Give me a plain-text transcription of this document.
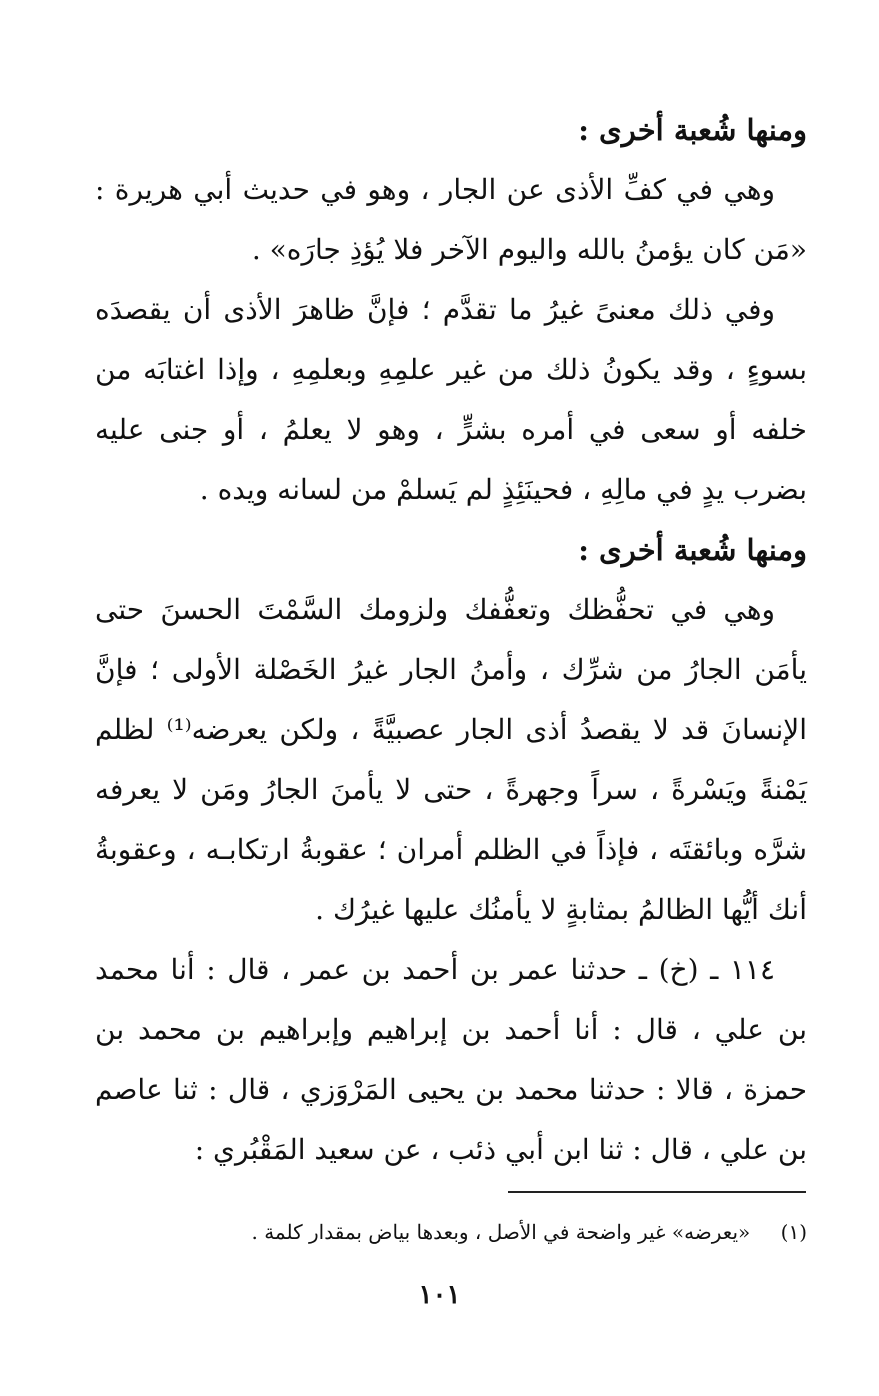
ومنها شُعبة أخرى :

وهي في كفِّ الأذى عن الجار ، وهو في حديث أبي هريرة : «مَن كان يؤمنُ بالله واليوم الآخر فلا يُؤذِ جارَه» .

وفي ذلك معنىً غيرُ ما تقدَّم ؛ فإنَّ ظاهرَ الأذى أن يقصدَه بسوءٍ ، وقد يكونُ ذلك من غير علمِهِ وبعلمِهِ ، وإذا اغتابَه من خلفه أو سعى في أمره بشرٍّ ، وهو لا يعلمُ ، أو جنى عليه بضرب يدٍ في مالِهِ ، فحينَئِذٍ لم يَسلمْ من لسانه ويده .

ومنها شُعبة أخرى :

وهي في تحفُّظك وتعفُّفك ولزومك السَّمْتَ الحسنَ حتى يأمَن الجارُ من شرِّك ، وأمنُ الجار غيرُ الخَصْلة الأولى ؛ فإنَّ الإنسانَ قد لا يقصدُ أذى الجار عصبيَّةً ، ولكن يعرضه⁽¹⁾ لظلم يَمْنةً ويَسْرةً ، سراً وجهرةً ، حتى لا يأمنَ الجارُ ومَن لا يعرفه شرَّه وبائقتَه ، فإذاً في الظلم أمران ؛ عقوبةُ ارتكابـه ، وعقوبةُ أنك أيُّها الظالمُ بمثابةٍ لا يأمنُك عليها غيرُك .

١١٤ ـ (خ) ـ حدثنا عمر بن أحمد بن عمر ، قال : أنا محمد بن علي ، قال : أنا أحمد بن إبراهيم وإبراهيم بن محمد بن حمزة ، قالا : حدثنا محمد بن يحيى المَرْوَزي ، قال : ثنا عاصم بن علي ، قال : ثنا ابن أبي ذئب ، عن سعيد المَقْبُري :

(١) «يعرضه» غير واضحة في الأصل ، وبعدها بياض بمقدار كلمة .
١٠١
